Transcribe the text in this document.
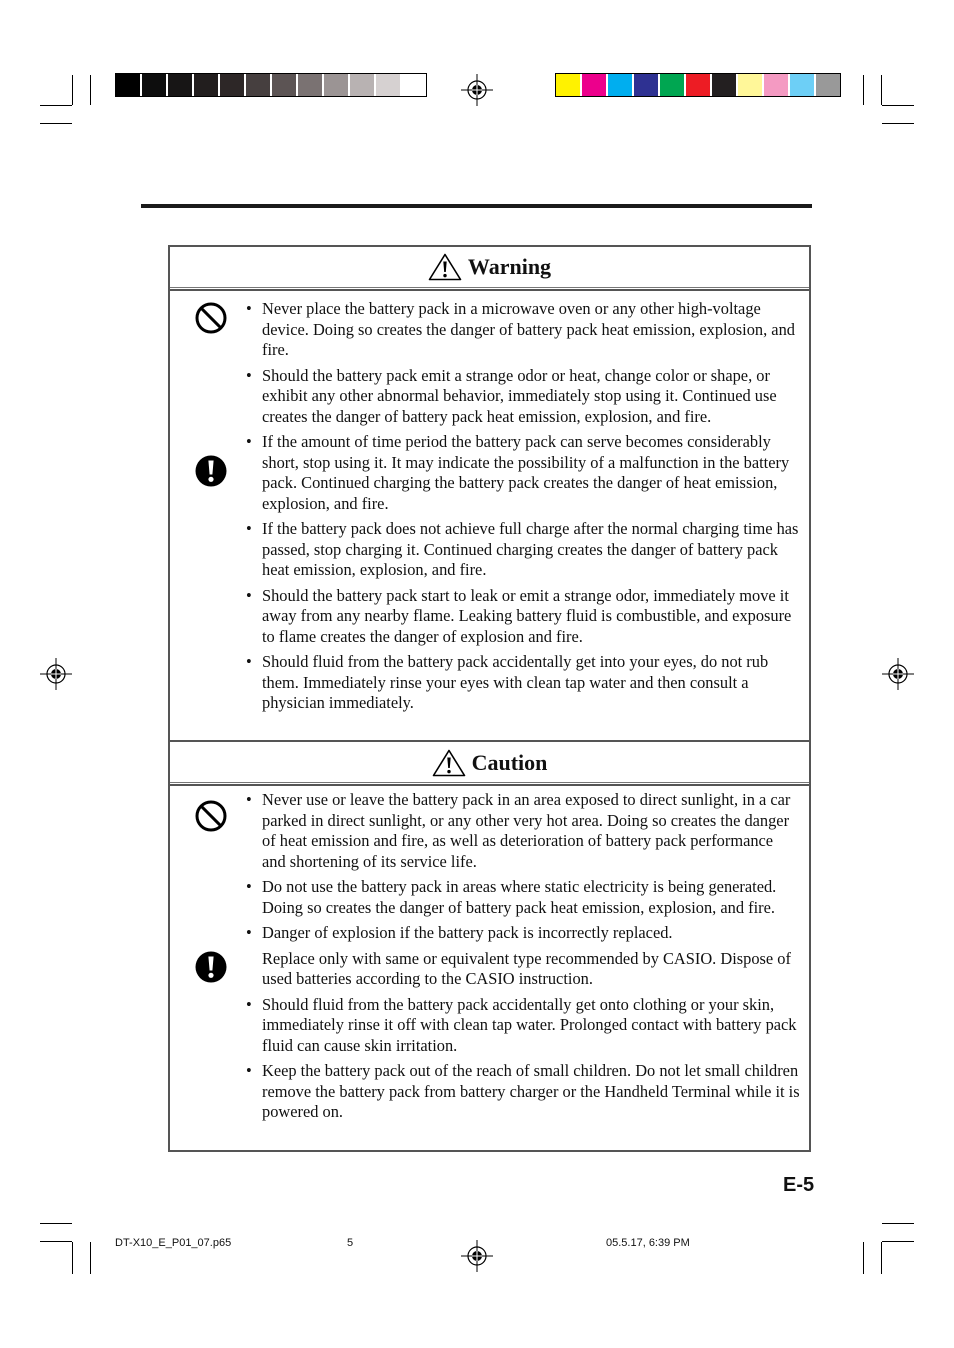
Warning
• Never place the battery pack in a microwave oven or any other high-voltage device. Doing so creates the danger of battery pack heat emission, explosion, and fire.
• Should the battery pack emit a strange odor or heat, change color or shape, or exhibit any other abnormal behavior, immediately stop using it. Continued use creates the danger of battery pack heat emission, explosion, and fire.
• If the amount of time period the battery pack can serve becomes considerably short, stop using it. It may indicate the possibility of a malfunction in the battery pack. Continued charging the battery pack creates the danger of heat emission, explosion, and fire.
• If the battery pack does not achieve full charge after the normal charging time has passed, stop charging it. Continued charging creates the danger of battery pack heat emission, explosion, and fire.
• Should the battery pack start to leak or emit a strange odor, immediately move it away from any nearby flame. Leaking battery fluid is combustible, and exposure to flame creates the danger of explosion and fire.
• Should fluid from the battery pack accidentally get into your eyes, do not rub them. Immediately rinse your eyes with clean tap water and then consult a physician immediately.
Caution
• Never use or leave the battery pack in an area exposed to direct sunlight, in a car parked in direct sunlight, or any other very hot area. Doing so creates the danger of heat emission and fire, as well as deterioration of battery pack performance and shortening of its service life.
• Do not use the battery pack in areas where static electricity is being generated. Doing so creates the danger of battery pack heat emission, explosion, and fire.
• Danger of explosion if the battery pack is incorrectly replaced.
Replace only with same or equivalent type recommended by CASIO. Dispose of used batteries according to the CASIO instruction.
• Should fluid from the battery pack accidentally get onto clothing or your skin, immediately rinse it off with clean tap water. Prolonged contact with battery pack fluid can cause skin irritation.
• Keep the battery pack out of the reach of small children. Do not let small children remove the battery pack from battery charger or the Handheld Terminal while it is powered on.
E-5
DT-X10_E_P01_07.p65	5	05.5.17, 6:39 PM
